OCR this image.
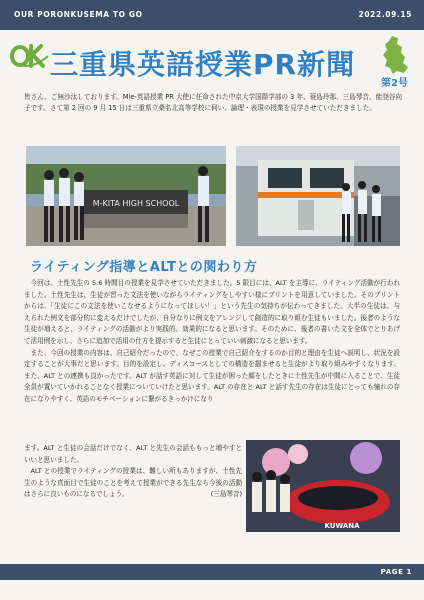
OUR PORONKUSEMA TO GO	2022.09.15
三重県英語授業PR新聞
第2号
皆さん、ご無沙汰しております。Mie-英語授業 PR 大使に任命された中京大学国際学部の 3 年、蓑島玲那、三島琴音、能登谷向子です。さて第 2 回の 9 月 15 日は三重県立桑名北高等学校に伺い、論理・表現の授業を見学させていただきました。
M-KITA HIGH SCHOOL
ライティング指導とALTとの関わり方

今回は、土性先生の 5.6 時間目の授業を見学させていただきました。5 限目には、ALT を主導に、ライティング活動が行われました。土性先生は、生徒が習った文法を使いながらライティングをしやすい様にプリントを用意していました。そのプリントからは、「生徒にこの文法を使いこなせるようになってほしい！」という先生の気持ちが伝わってきました。大半の生徒は、与えられた例文を部分的に変えるだけでしたが、自分なりに例文をアレンジして創造的に取り組む生徒もいました。後者のような生徒が増えると、ライティングの活動がより実践的、効果的になると思います。そのために、後者の書いた文を全体でとりあげて活用例を示し、さらに追加で活用の仕方を提示すると生徒にとっていい刺激になると思います。

また、今回の授業の内容は、自己紹介だったので、なぜこの授業で自己紹介をするのか目的と理由を生徒へ説明し、状況を設定することが大事だと思います。目的を設定し、ディスコースとしての構造を掴ませると生徒がより取り組みやすくなります。また、ALT との連携も良かったです。ALT が話す英語に対して生徒が困った顔をしたときに土性先生が中間に入ることで、生徒全員が置いていかれることなく授業についていけたと思います。ALT の存在と ALT と話す先生の存在は生徒にとっても憧れの存在になりやすく、英語のモチベーションに繋がるきっかけになり

ます。ALT と生徒の会話だけでなく、ALT と先生の会話ももっと増やすといいと思いました。

ALT との授業でライティングの授業は、難しい所もありますが、土性先生のような真面目で生徒のことを考えて授業ができる先生なら今後の活動はさらに良いものになるでしょう。	(三島琴音)

KUWANA
PAGE 1
